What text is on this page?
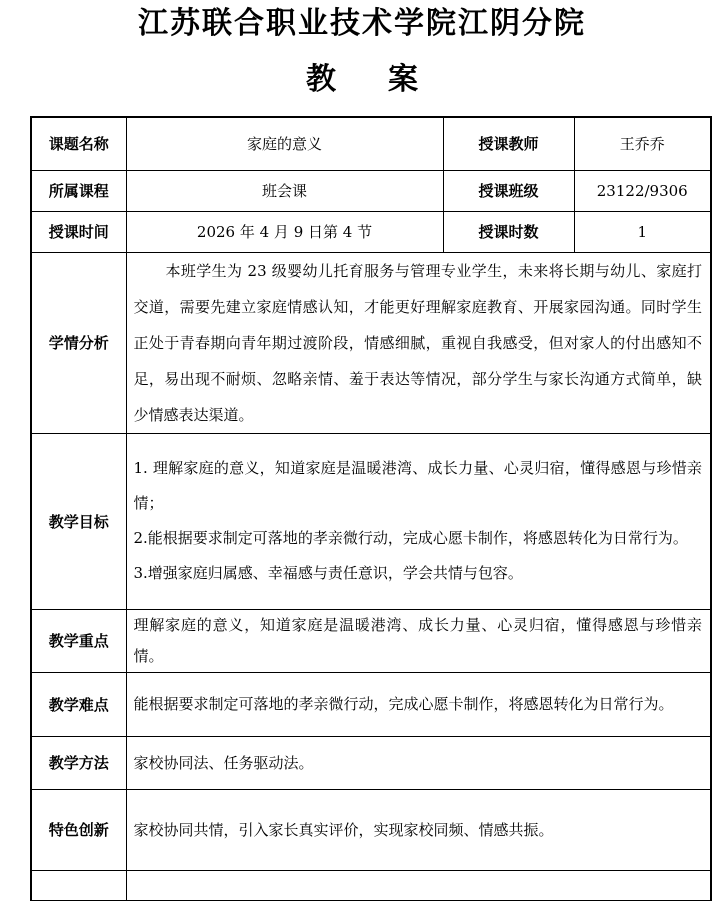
江苏联合职业技术学院江阴分院
教 案
课题名称	家庭的意义	授课教师	王乔乔
所属课程	班会课	授课班级	23122/9306
授课时间	2026 年 4 月 9 日第 4 节	授课时数	1
学情分析	本班学生为 23 级婴幼儿托育服务与管理专业学生，未来将长期与幼儿、家庭打交道，需要先建立家庭情感认知，才能更好理解家庭教育、开展家园沟通。同时学生正处于青春期向青年期过渡阶段，情感细腻，重视自我感受，但对家人的付出感知不足，易出现不耐烦、忽略亲情、羞于表达等情况，部分学生与家长沟通方式简单，缺少情感表达渠道。		

教学目标	1. 理解家庭的意义，知道家庭是温暖港湾、成长力量、心灵归宿，懂得感恩与珍惜亲情；

2.能根据要求制定可落地的孝亲微行动，完成心愿卡制作，将感恩转化为日常行为。

3.增强家庭归属感、幸福感与责任意识，学会共情与包容。		

教学重点	理解家庭的意义，知道家庭是温暖港湾、成长力量、心灵归宿，懂得感恩与珍惜亲情。		

教学难点	能根据要求制定可落地的孝亲微行动，完成心愿卡制作，将感恩转化为日常行为。		

教学方法	家校协同法、任务驱动法。		

特色创新	家校协同共情，引入家长真实评价，实现家校同频、情感共振。		
